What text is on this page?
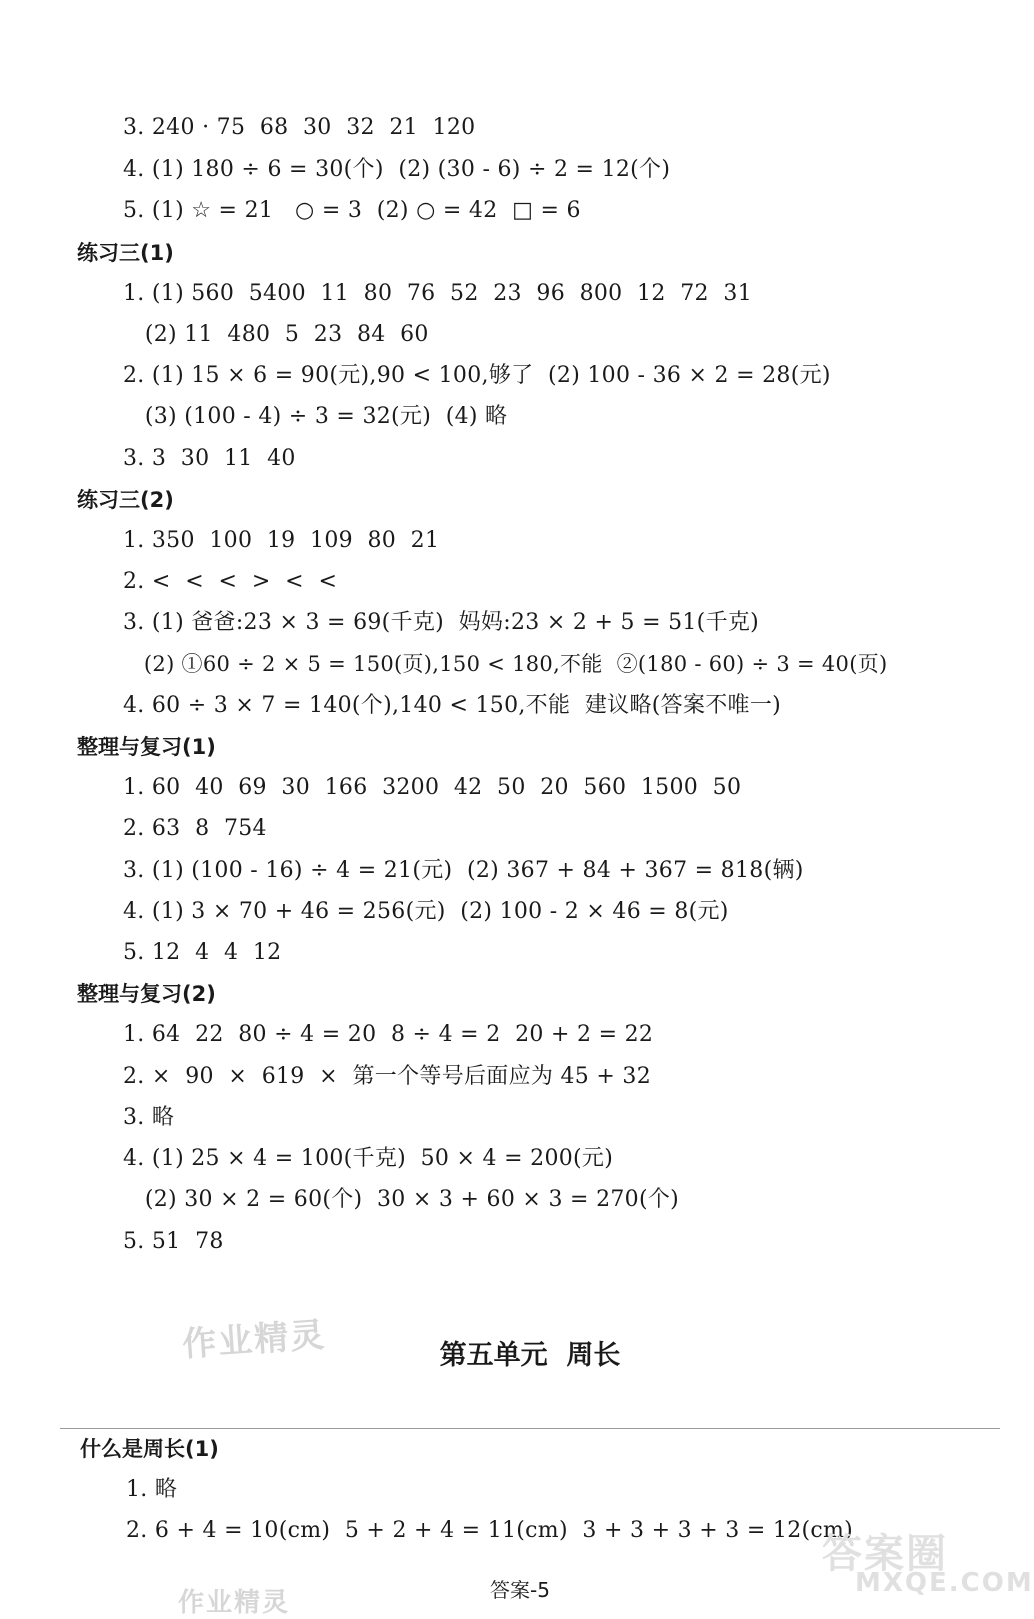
3. 240 · 75  68  30  32  21  120
4. (1) 180 ÷ 6 = 30(个)  (2) (30 - 6) ÷ 2 = 12(个)
5. (1) ☆ = 21   ○ = 3  (2) ○ = 42  □ = 6
练习三(1)
1. (1) 560  5400  11  80  76  52  23  96  800  12  72  31
(2) 11  480  5  23  84  60
2. (1) 15 × 6 = 90(元),90 < 100,够了  (2) 100 - 36 × 2 = 28(元)
(3) (100 - 4) ÷ 3 = 32(元)  (4) 略
3. 3  30  11  40
练习三(2)
1. 350  100  19  109  80  21
2. <  <  <  >  <  <
3. (1) 爸爸:23 × 3 = 69(千克)  妈妈:23 × 2 + 5 = 51(千克)
(2) ①60 ÷ 2 × 5 = 150(页),150 < 180,不能  ②(180 - 60) ÷ 3 = 40(页)
4. 60 ÷ 3 × 7 = 140(个),140 < 150,不能  建议略(答案不唯一)
整理与复习(1)
1. 60  40  69  30  166  3200  42  50  20  560  1500  50
2. 63  8  754
3. (1) (100 - 16) ÷ 4 = 21(元)  (2) 367 + 84 + 367 = 818(辆)
4. (1) 3 × 70 + 46 = 256(元)  (2) 100 - 2 × 46 = 8(元)
5. 12  4  4  12
整理与复习(2)
1. 64  22  80 ÷ 4 = 20  8 ÷ 4 = 2  20 + 2 = 22
2. ×  90  ×  619  ×  第一个等号后面应为 45 + 32
3. 略
4. (1) 25 × 4 = 100(千克)  50 × 4 = 200(元)
(2) 30 × 2 = 60(个)  30 × 3 + 60 × 3 = 270(个)
5. 51  78
作业精灵	第五单元  周长
什么是周长(1)
1. 略
2. 6 + 4 = 10(cm)  5 + 2 + 4 = 11(cm)  3 + 3 + 3 + 3 = 12(cm)
答案圈
MXQE.COM
作业精灵	答案-5
